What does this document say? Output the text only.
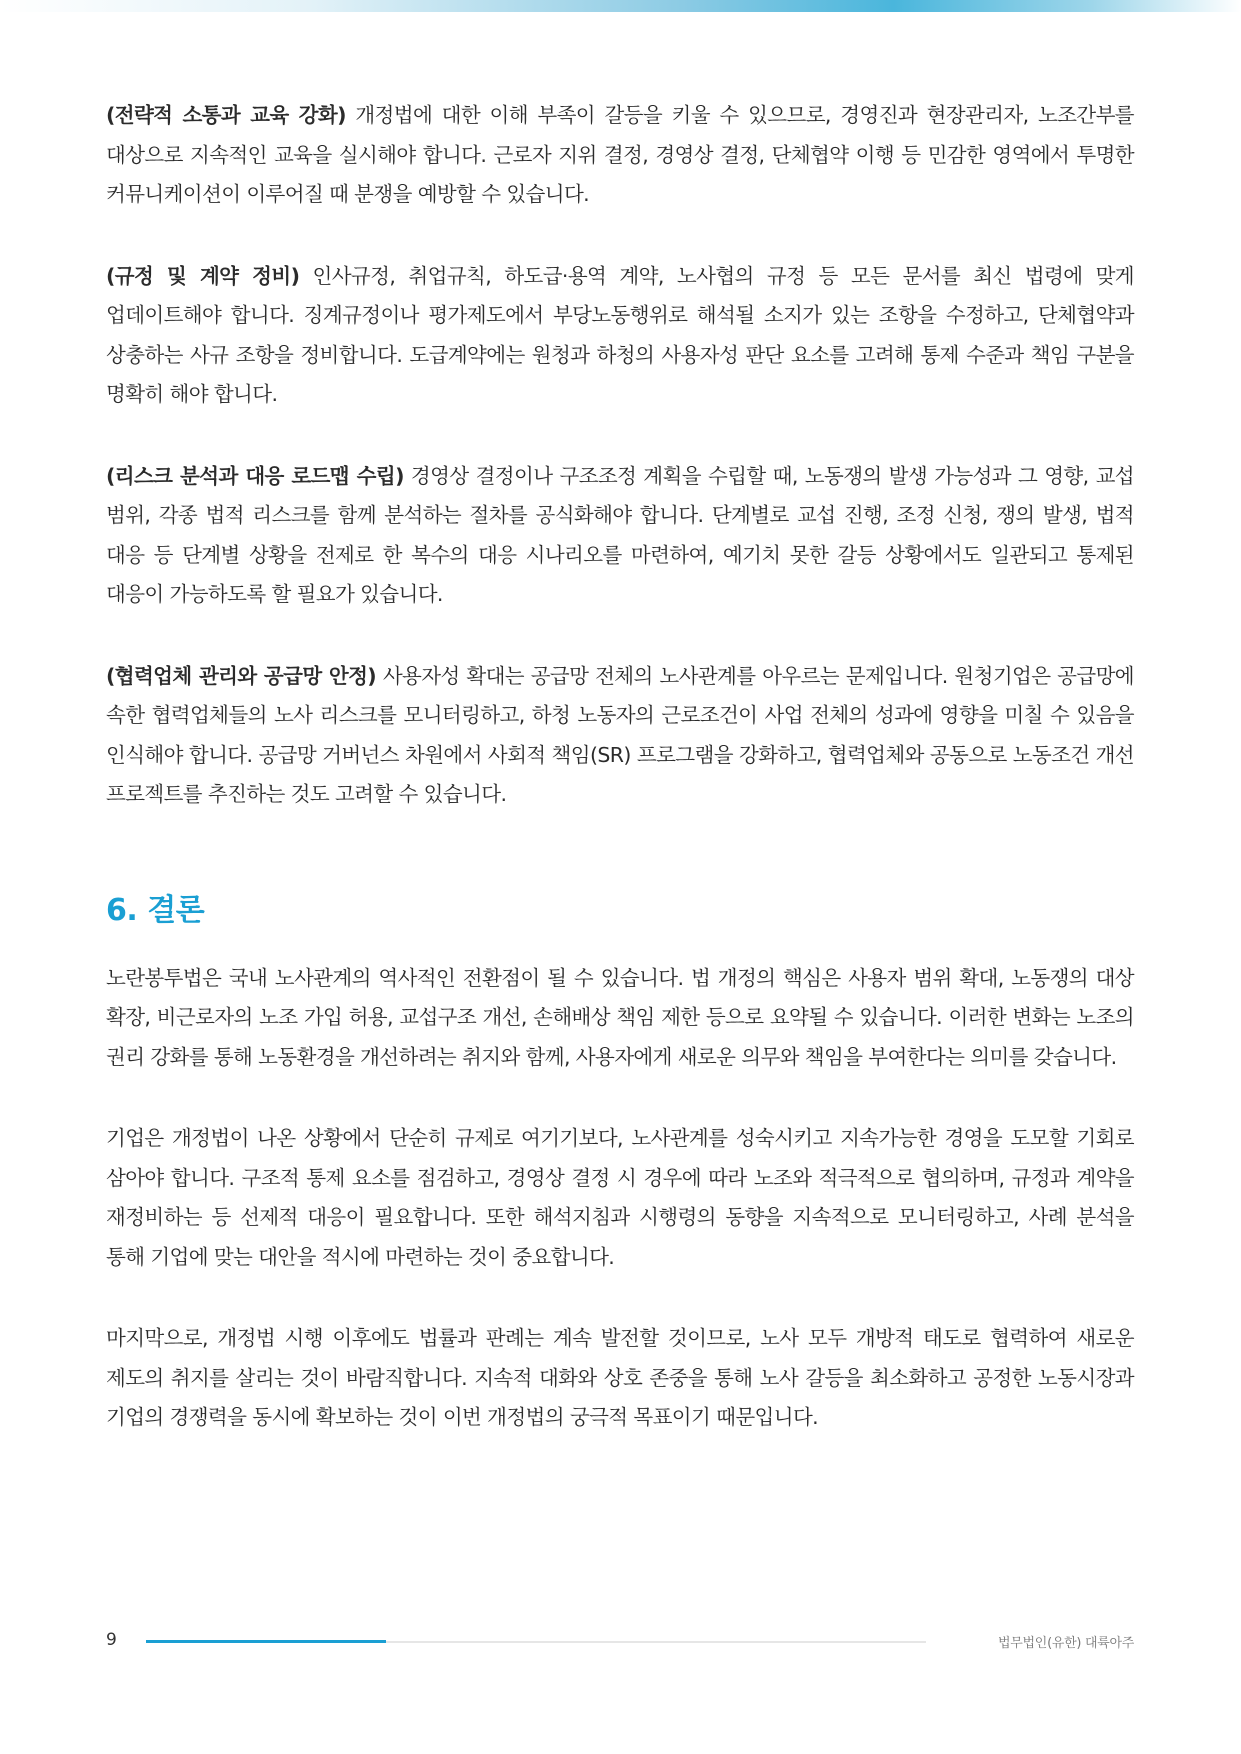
(전략적 소통과 교육 강화) 개정법에 대한 이해 부족이 갈등을 키울 수 있으므로, 경영진과 현장관리자, 노조간부를 대상으로 지속적인 교육을 실시해야 합니다. 근로자 지위 결정, 경영상 결정, 단체협약 이행 등 민감한 영역에서 투명한 커뮤니케이션이 이루어질 때 분쟁을 예방할 수 있습니다.

(규정 및 계약 정비) 인사규정, 취업규칙, 하도급·용역 계약, 노사협의 규정 등 모든 문서를 최신 법령에 맞게 업데이트해야 합니다. 징계규정이나 평가제도에서 부당노동행위로 해석될 소지가 있는 조항을 수정하고, 단체협약과 상충하는 사규 조항을 정비합니다. 도급계약에는 원청과 하청의 사용자성 판단 요소를 고려해 통제 수준과 책임 구분을 명확히 해야 합니다.

(리스크 분석과 대응 로드맵 수립) 경영상 결정이나 구조조정 계획을 수립할 때, 노동쟁의 발생 가능성과 그 영향, 교섭 범위, 각종 법적 리스크를 함께 분석하는 절차를 공식화해야 합니다. 단계별로 교섭 진행, 조정 신청, 쟁의 발생, 법적 대응 등 단계별 상황을 전제로 한 복수의 대응 시나리오를 마련하여, 예기치 못한 갈등 상황에서도 일관되고 통제된 대응이 가능하도록 할 필요가 있습니다.

(협력업체 관리와 공급망 안정) 사용자성 확대는 공급망 전체의 노사관계를 아우르는 문제입니다. 원청기업은 공급망에 속한 협력업체들의 노사 리스크를 모니터링하고, 하청 노동자의 근로조건이 사업 전체의 성과에 영향을 미칠 수 있음을 인식해야 합니다. 공급망 거버넌스 차원에서 사회적 책임(SR) 프로그램을 강화하고, 협력업체와 공동으로 노동조건 개선 프로젝트를 추진하는 것도 고려할 수 있습니다.

6. 결론

노란봉투법은 국내 노사관계의 역사적인 전환점이 될 수 있습니다. 법 개정의 핵심은 사용자 범위 확대, 노동쟁의 대상 확장, 비근로자의 노조 가입 허용, 교섭구조 개선, 손해배상 책임 제한 등으로 요약될 수 있습니다. 이러한 변화는 노조의 권리 강화를 통해 노동환경을 개선하려는 취지와 함께, 사용자에게 새로운 의무와 책임을 부여한다는 의미를 갖습니다.

기업은 개정법이 나온 상황에서 단순히 규제로 여기기보다, 노사관계를 성숙시키고 지속가능한 경영을 도모할 기회로 삼아야 합니다. 구조적 통제 요소를 점검하고, 경영상 결정 시 경우에 따라 노조와 적극적으로 협의하며, 규정과 계약을 재정비하는 등 선제적 대응이 필요합니다. 또한 해석지침과 시행령의 동향을 지속적으로 모니터링하고, 사례 분석을 통해 기업에 맞는 대안을 적시에 마련하는 것이 중요합니다.

마지막으로, 개정법 시행 이후에도 법률과 판례는 계속 발전할 것이므로, 노사 모두 개방적 태도로 협력하여 새로운 제도의 취지를 살리는 것이 바람직합니다. 지속적 대화와 상호 존중을 통해 노사 갈등을 최소화하고 공정한 노동시장과 기업의 경쟁력을 동시에 확보하는 것이 이번 개정법의 궁극적 목표이기 때문입니다.

9	법무법인(유한) 대륙아주
